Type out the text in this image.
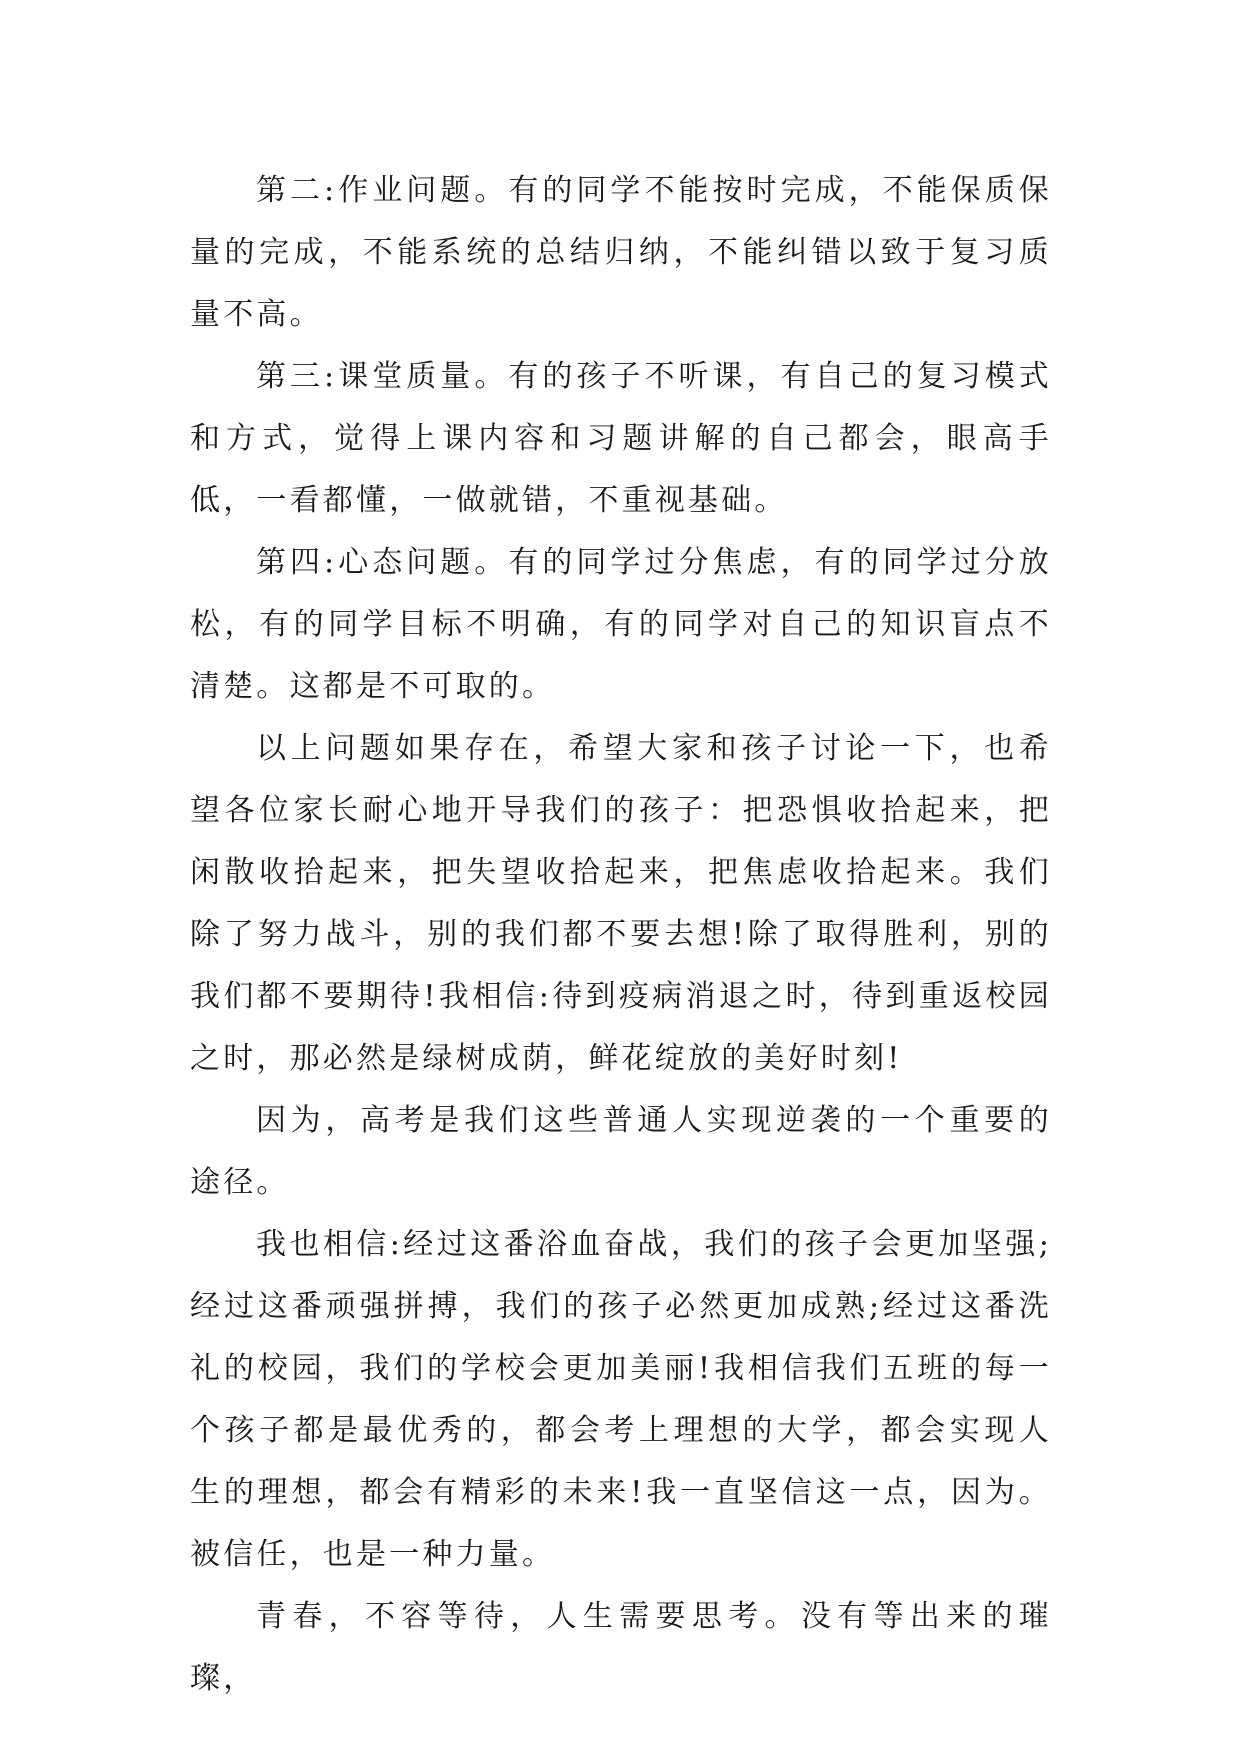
第二:作业问题。有的同学不能按时完成，不能保质保量的完成，不能系统的总结归纳，不能纠错以致于复习质量不高。

第三:课堂质量。有的孩子不听课，有自己的复习模式和方式，觉得上课内容和习题讲解的自己都会，眼高手低，一看都懂，一做就错，不重视基础。

第四:心态问题。有的同学过分焦虑，有的同学过分放松，有的同学目标不明确，有的同学对自己的知识盲点不清楚。这都是不可取的。

以上问题如果存在，希望大家和孩子讨论一下，也希望各位家长耐心地开导我们的孩子：把恐惧收拾起来，把闲散收拾起来，把失望收拾起来，把焦虑收拾起来。我们除了努力战斗，别的我们都不要去想!除了取得胜利，别的我们都不要期待!我相信:待到疫病消退之时，待到重返校园之时，那必然是绿树成荫，鲜花绽放的美好时刻!

因为，高考是我们这些普通人实现逆袭的一个重要的途径。

我也相信:经过这番浴血奋战，我们的孩子会更加坚强;经过这番顽强拼搏，我们的孩子必然更加成熟;经过这番洗礼的校园，我们的学校会更加美丽!我相信我们五班的每一个孩子都是最优秀的，都会考上理想的大学，都会实现人生的理想，都会有精彩的未来!我一直坚信这一点，因为。被信任，也是一种力量。

青春，不容等待，人生需要思考。没有等出来的璀璨，
